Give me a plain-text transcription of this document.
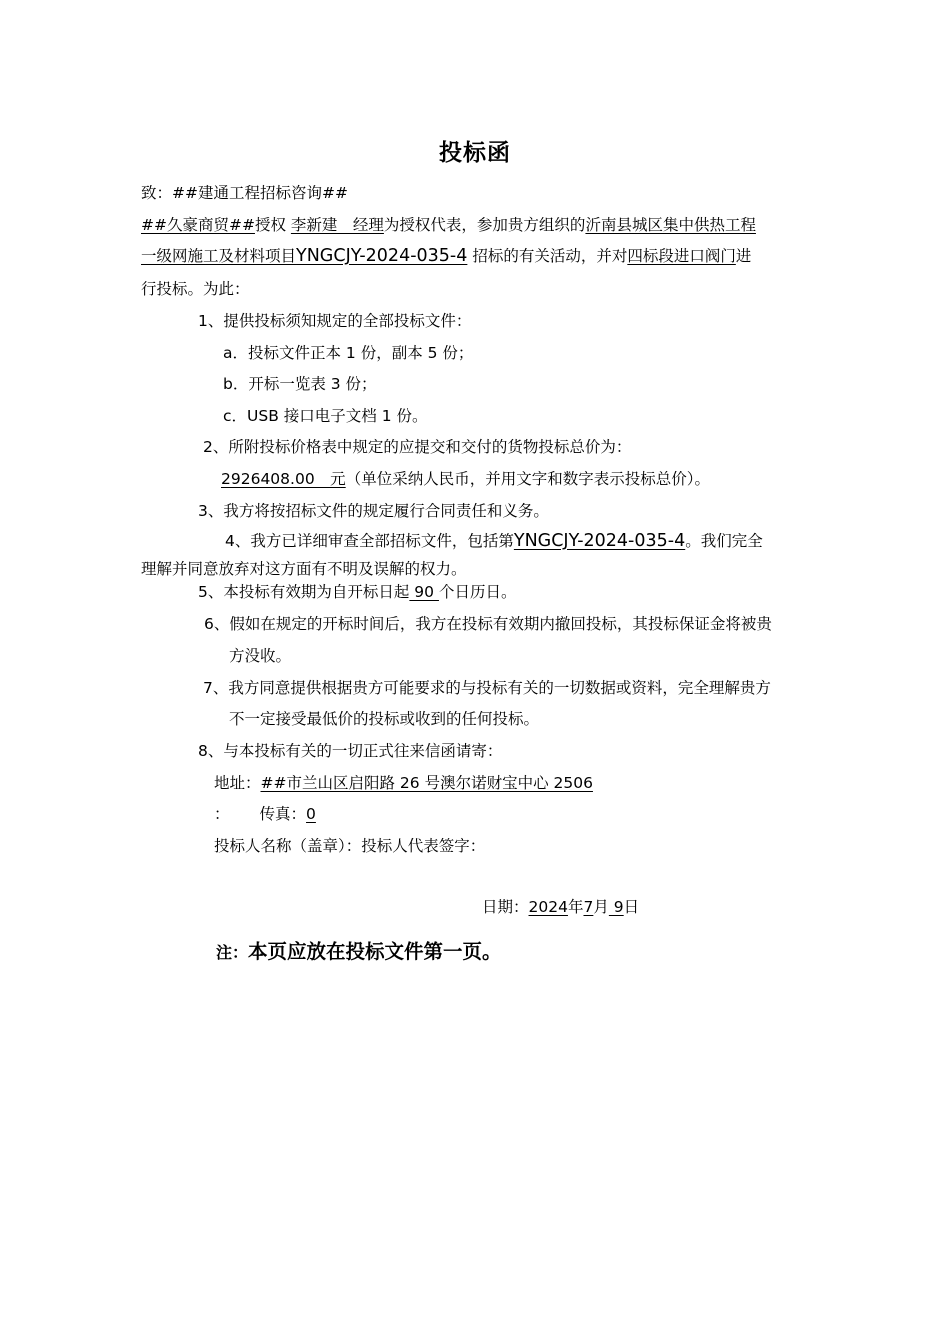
投标函
致：##建通工程招标咨询##
##久豪商贸##授权 李新建　经理为授权代表，参加贵方组织的沂南县城区集中供热工程
一级网施工及材料项目YNGCJY-2024-035-4 招标的有关活动，并对四标段进口阀门进
行投标。为此：
1、提供投标须知规定的全部投标文件：
a．投标文件正本 1 份，副本 5 份；
b．开标一览表 3 份；
c．USB 接口电子文档 1 份。
2、所附投标价格表中规定的应提交和交付的货物投标总价为：
2926408.00　元（单位采纳人民币，并用文字和数字表示投标总价）。
3、我方将按招标文件的规定履行合同责任和义务。
4、我方已详细审查全部招标文件，包括第YNGCJY-2024-035-4。我们完全
理解并同意放弃对这方面有不明及误解的权力。
5、本投标有效期为自开标日起 90 个日历日。
6、假如在规定的开标时间后，我方在投标有效期内撤回投标，其投标保证金将被贵
方没收。
7、我方同意提供根据贵方可能要求的与投标有关的一切数据或资料，完全理解贵方
不一定接受最低价的投标或收到的任何投标。
8、与本投标有关的一切正式往来信函请寄：
地址：##市兰山区启阳路 26 号澳尔诺财宝中心 2506
： 传真：0
投标人名称（盖章）：投标人代表签字：
日期：2024年7月 9日
注：本页应放在投标文件第一页。
